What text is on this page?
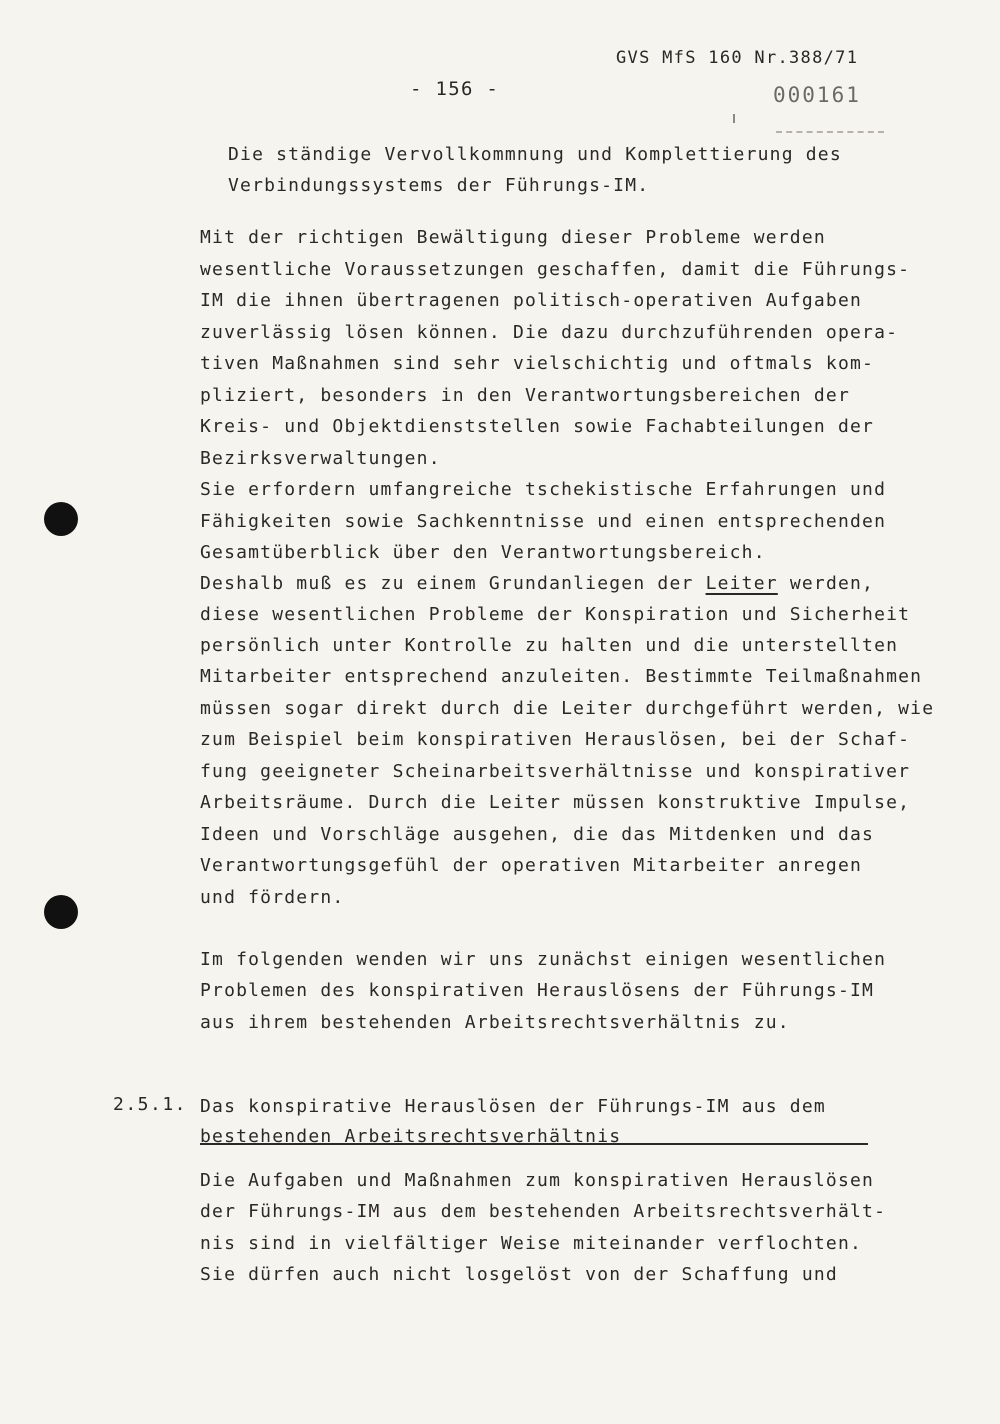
GVS MfS 160 Nr.388/71
- 156 -	000161
Die ständige Vervollkommnung und Komplettierung des
Verbindungssystems der Führungs-IM.
Mit der richtigen Bewältigung dieser Probleme werden
wesentliche Voraussetzungen geschaffen, damit die Führungs-
IM die ihnen übertragenen politisch-operativen Aufgaben
zuverlässig lösen können. Die dazu durchzuführenden opera-
tiven Maßnahmen sind sehr vielschichtig und oftmals kom-
pliziert, besonders in den Verantwortungsbereichen der
Kreis- und Objektdienststellen sowie Fachabteilungen der
Bezirksverwaltungen.
Sie erfordern umfangreiche tschekistische Erfahrungen und
Fähigkeiten sowie Sachkenntnisse und einen entsprechenden
Gesamtüberblick über den Verantwortungsbereich.
Deshalb muß es zu einem Grundanliegen der Leiter werden,
diese wesentlichen Probleme der Konspiration und Sicherheit
persönlich unter Kontrolle zu halten und die unterstellten
Mitarbeiter entsprechend anzuleiten. Bestimmte Teilmaßnahmen
müssen sogar direkt durch die Leiter durchgeführt werden, wie
zum Beispiel beim konspirativen Herauslösen, bei der Schaf-
fung geeigneter Scheinarbeitsverhältnisse und konspirativer
Arbeitsräume. Durch die Leiter müssen konstruktive Impulse,
Ideen und Vorschläge ausgehen, die das Mitdenken und das
Verantwortungsgefühl der operativen Mitarbeiter anregen
und fördern.
Im folgenden wenden wir uns zunächst einigen wesentlichen
Problemen des konspirativen Herauslösens der Führungs-IM
aus ihrem bestehenden Arbeitsrechtsverhältnis zu.
2.5.1. Das konspirative Herauslösen der Führungs-IM aus dem
bestehenden Arbeitsrechtsverhältnis
Die Aufgaben und Maßnahmen zum konspirativen Herauslösen
der Führungs-IM aus dem bestehenden Arbeitsrechtsverhält-
nis sind in vielfältiger Weise miteinander verflochten.
Sie dürfen auch nicht losgelöst von der Schaffung und
